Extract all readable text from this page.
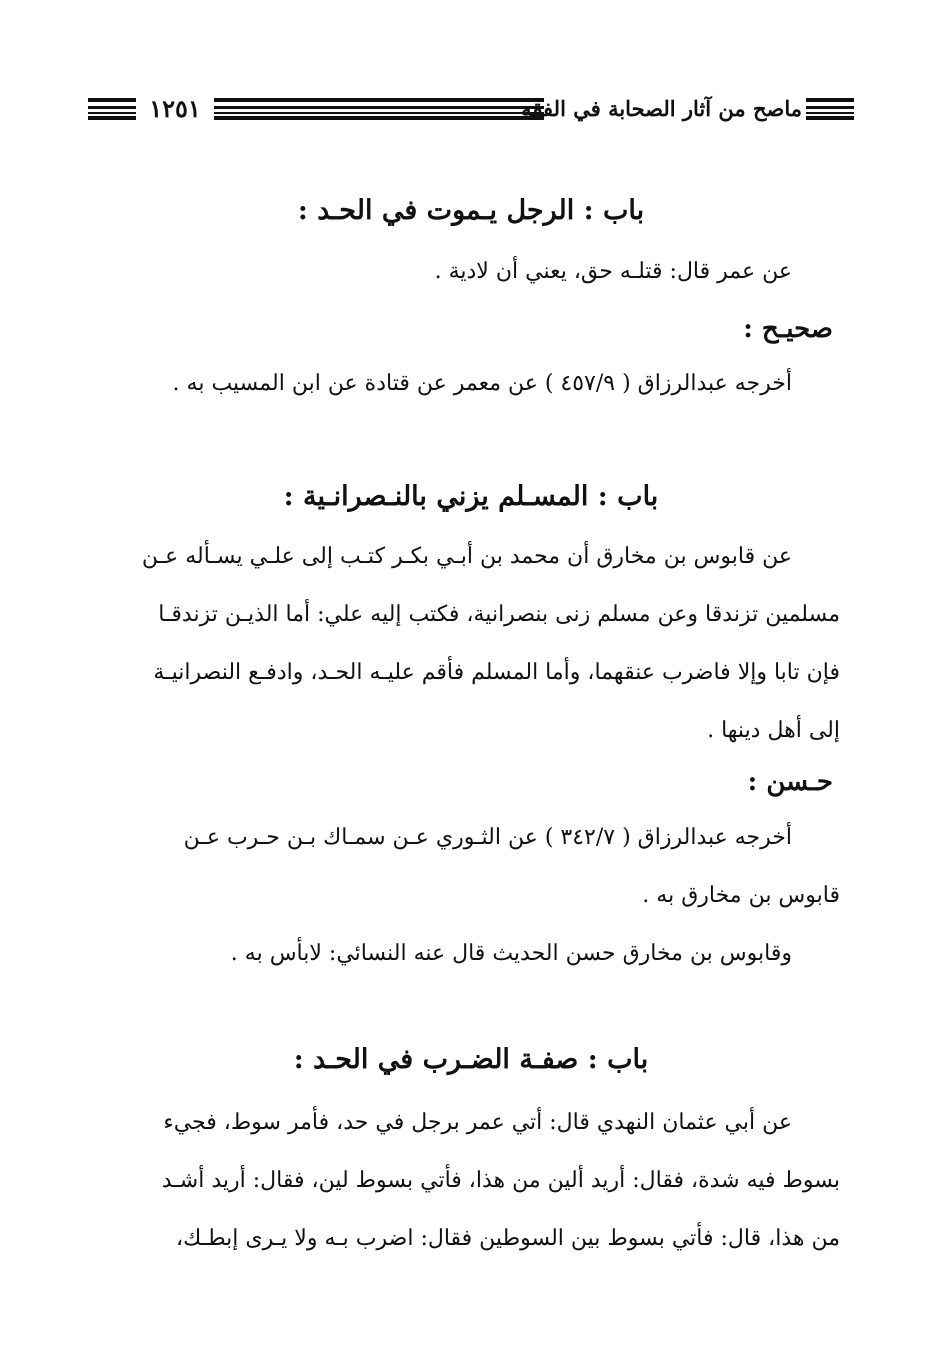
١٢٥١	ماصح من آثار الصحابة في الفقه
باب : الرجل يـموت في الحـد :
عن عمر قال: قتلـه حق، يعني أن لادية .
صحيـح :
أخرجه عبدالرزاق ( ٤٥٧/٩ ) عن معمر عن قتادة عن ابن المسيب به .
باب : المسـلم يزني بالنـصرانـية :
عن قابوس بن مخارق أن محمد بن أبـي بكـر كتـب إلى علـي يسـأله عـن
مسلمين تزندقا وعن مسلم زنى بنصرانية، فكتب إليه علي: أما الذيـن تزندقـا
فإن تابا وإلا فاضرب عنقهما، وأما المسلم فأقم عليـه الحـد، وادفـع النصرانيـة
إلى أهل دينها .
حـسن :
أخرجه عبدالرزاق ( ٣٤٢/٧ ) عن الثـوري عـن سمـاك بـن حـرب عـن
قابوس بن مخارق به .
وقابوس بن مخارق حسن الحديث قال عنه النسائي: لابأس به .
باب : صفـة الضـرب في الحـد :
عن أبي عثمان النهدي قال: أتي عمر برجل في حد، فأمر سوط، فجيء
بسوط فيه شدة، فقال: أريد ألين من هذا، فأتي بسوط لين، فقال: أريد أشـد
من هذا، قال: فأتي بسوط بين السوطين فقال: اضرب بـه ولا يـرى إبطـك،
